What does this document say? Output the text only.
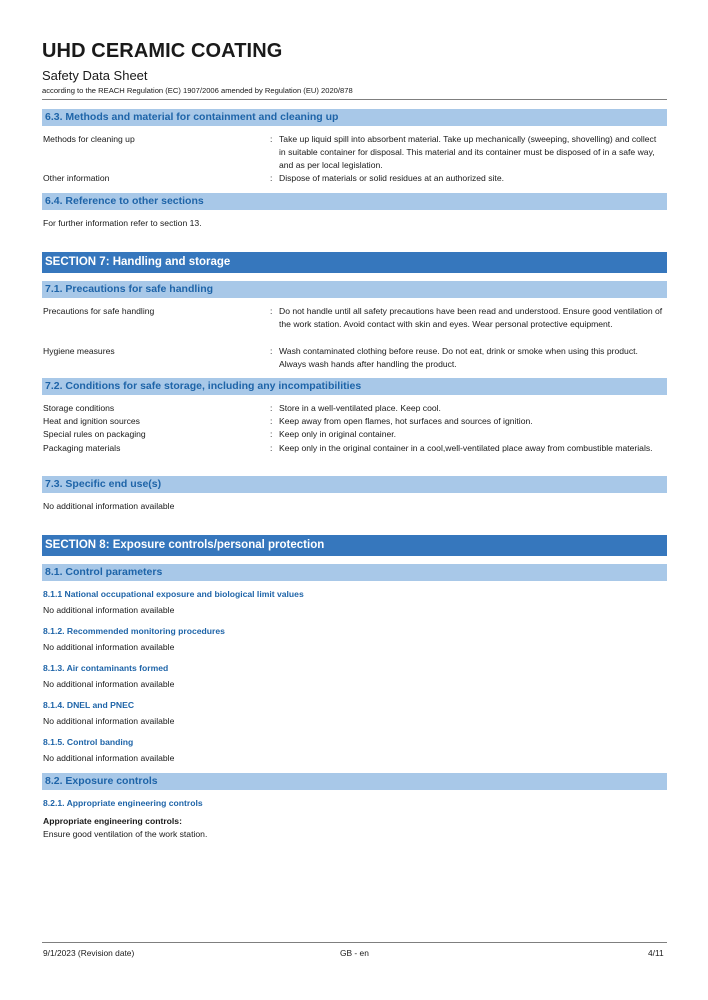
UHD CERAMIC COATING
Safety Data Sheet
according to the REACH Regulation (EC) 1907/2006 amended by Regulation (EU) 2020/878
6.3. Methods and material for containment and cleaning up
Methods for cleaning up	: Take up liquid spill into absorbent material. Take up mechanically (sweeping, shovelling) and collect in suitable container for disposal. This material and its container must be disposed of in a safe way, and as per local legislation.
Other information	: Dispose of materials or solid residues at an authorized site.
6.4. Reference to other sections
For further information refer to section 13.
SECTION 7: Handling and storage
7.1. Precautions for safe handling
Precautions for safe handling	: Do not handle until all safety precautions have been read and understood. Ensure good ventilation of the work station. Avoid contact with skin and eyes. Wear personal protective equipment.
Hygiene measures	: Wash contaminated clothing before reuse. Do not eat, drink or smoke when using this product. Always wash hands after handling the product.
7.2. Conditions for safe storage, including any incompatibilities
Storage conditions	: Store in a well-ventilated place. Keep cool.
Heat and ignition sources	: Keep away from open flames, hot surfaces and sources of ignition.
Special rules on packaging	: Keep only in original container.
Packaging materials	: Keep only in the original container in a cool,well-ventilated place away from combustible materials.
7.3. Specific end use(s)
No additional information available
SECTION 8: Exposure controls/personal protection
8.1. Control parameters
8.1.1 National occupational exposure and biological limit values
No additional information available
8.1.2. Recommended monitoring procedures
No additional information available
8.1.3. Air contaminants formed
No additional information available
8.1.4. DNEL and PNEC
No additional information available
8.1.5. Control banding
No additional information available
8.2. Exposure controls
8.2.1. Appropriate engineering controls
Appropriate engineering controls:
Ensure good ventilation of the work station.
9/1/2023 (Revision date)	GB - en	4/11
